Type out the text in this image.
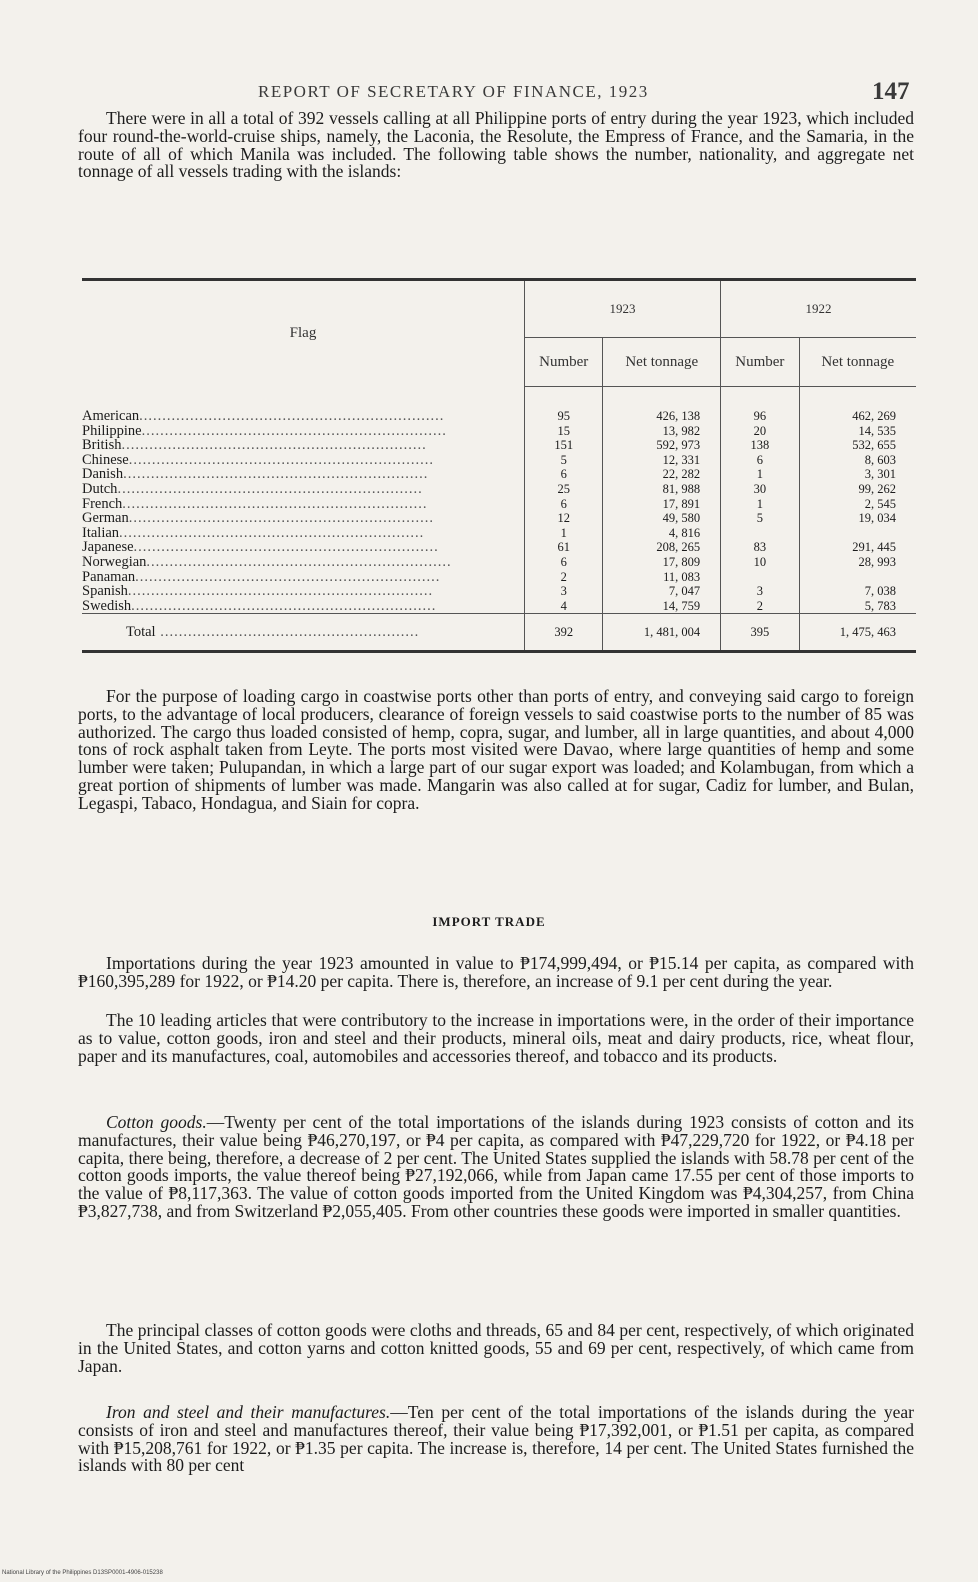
REPORT OF SECRETARY OF FINANCE, 1923	147

There were in all a total of 392 vessels calling at all Philippine ports of entry during the year 1923, which included four round-the-world-cruise ships, namely, the Laconia, the Resolute, the Empress of France, and the Samaria, in the route of all of which Manila was included. The following table shows the number, nationality, and aggregate net tonnage of all vessels trading with the islands:

Flag	1923		1922	
	Number	Net tonnage	Number	Net tonnage
American..................................................................	95	426, 138	96	462, 269
Philippine..................................................................	15	13, 982	20	14, 535
British..................................................................	151	592, 973	138	532, 655
Chinese..................................................................	5	12, 331	6	8, 603
Danish..................................................................	6	22, 282	1	3, 301
Dutch..................................................................	25	81, 988	30	99, 262
French..................................................................	6	17, 891	1	2, 545
German..................................................................	12	49, 580	5	19, 034
Italian..................................................................	1	4, 816		
Japanese..................................................................	61	208, 265	83	291, 445
Norwegian..................................................................	6	17, 809	10	28, 993
Panaman..................................................................	2	11, 083		
Spanish..................................................................	3	7, 047	3	7, 038
Swedish..................................................................	4	14, 759	2	5, 783
Total ........................................................	392	1, 481, 004	395	1, 475, 463

For the purpose of loading cargo in coastwise ports other than ports of entry, and conveying said cargo to foreign ports, to the advantage of local producers, clearance of foreign vessels to said coastwise ports to the number of 85 was authorized. The cargo thus loaded consisted of hemp, copra, sugar, and lumber, all in large quantities, and about 4,000 tons of rock asphalt taken from Leyte. The ports most visited were Davao, where large quantities of hemp and some lumber were taken; Pulupandan, in which a large part of our sugar export was loaded; and Kolambugan, from which a great portion of shipments of lumber was made. Mangarin was also called at for sugar, Cadiz for lumber, and Bulan, Legaspi, Tabaco, Hondagua, and Siain for copra.

IMPORT TRADE

Importations during the year 1923 amounted in value to ₱174,999,494, or ₱15.14 per capita, as compared with ₱160,395,289 for 1922, or ₱14.20 per capita. There is, therefore, an increase of 9.1 per cent during the year.

The 10 leading articles that were contributory to the increase in importations were, in the order of their importance as to value, cotton goods, iron and steel and their products, mineral oils, meat and dairy products, rice, wheat flour, paper and its manufactures, coal, automobiles and accessories thereof, and tobacco and its products.

Cotton goods.—Twenty per cent of the total importations of the islands during 1923 consists of cotton and its manufactures, their value being ₱46,270,197, or ₱4 per capita, as compared with ₱47,229,720 for 1922, or ₱4.18 per capita, there being, therefore, a decrease of 2 per cent. The United States supplied the islands with 58.78 per cent of the cotton goods imports, the value thereof being ₱27,192,066, while from Japan came 17.55 per cent of those imports to the value of ₱8,117,363. The value of cotton goods imported from the United Kingdom was ₱4,304,257, from China ₱3,827,738, and from Switzerland ₱2,055,405. From other countries these goods were imported in smaller quantities.

The principal classes of cotton goods were cloths and threads, 65 and 84 per cent, respectively, of which originated in the United States, and cotton yarns and cotton knitted goods, 55 and 69 per cent, respectively, of which came from Japan.

Iron and steel and their manufactures.—Ten per cent of the total importations of the islands during the year consists of iron and steel and manufactures thereof, their value being ₱17,392,001, or ₱1.51 per capita, as compared with ₱15,208,761 for 1922, or ₱1.35 per capita. The increase is, therefore, 14 per cent. The United States furnished the islands with 80 per cent

National Library of the Philippines D13SP0001-4906-015238
